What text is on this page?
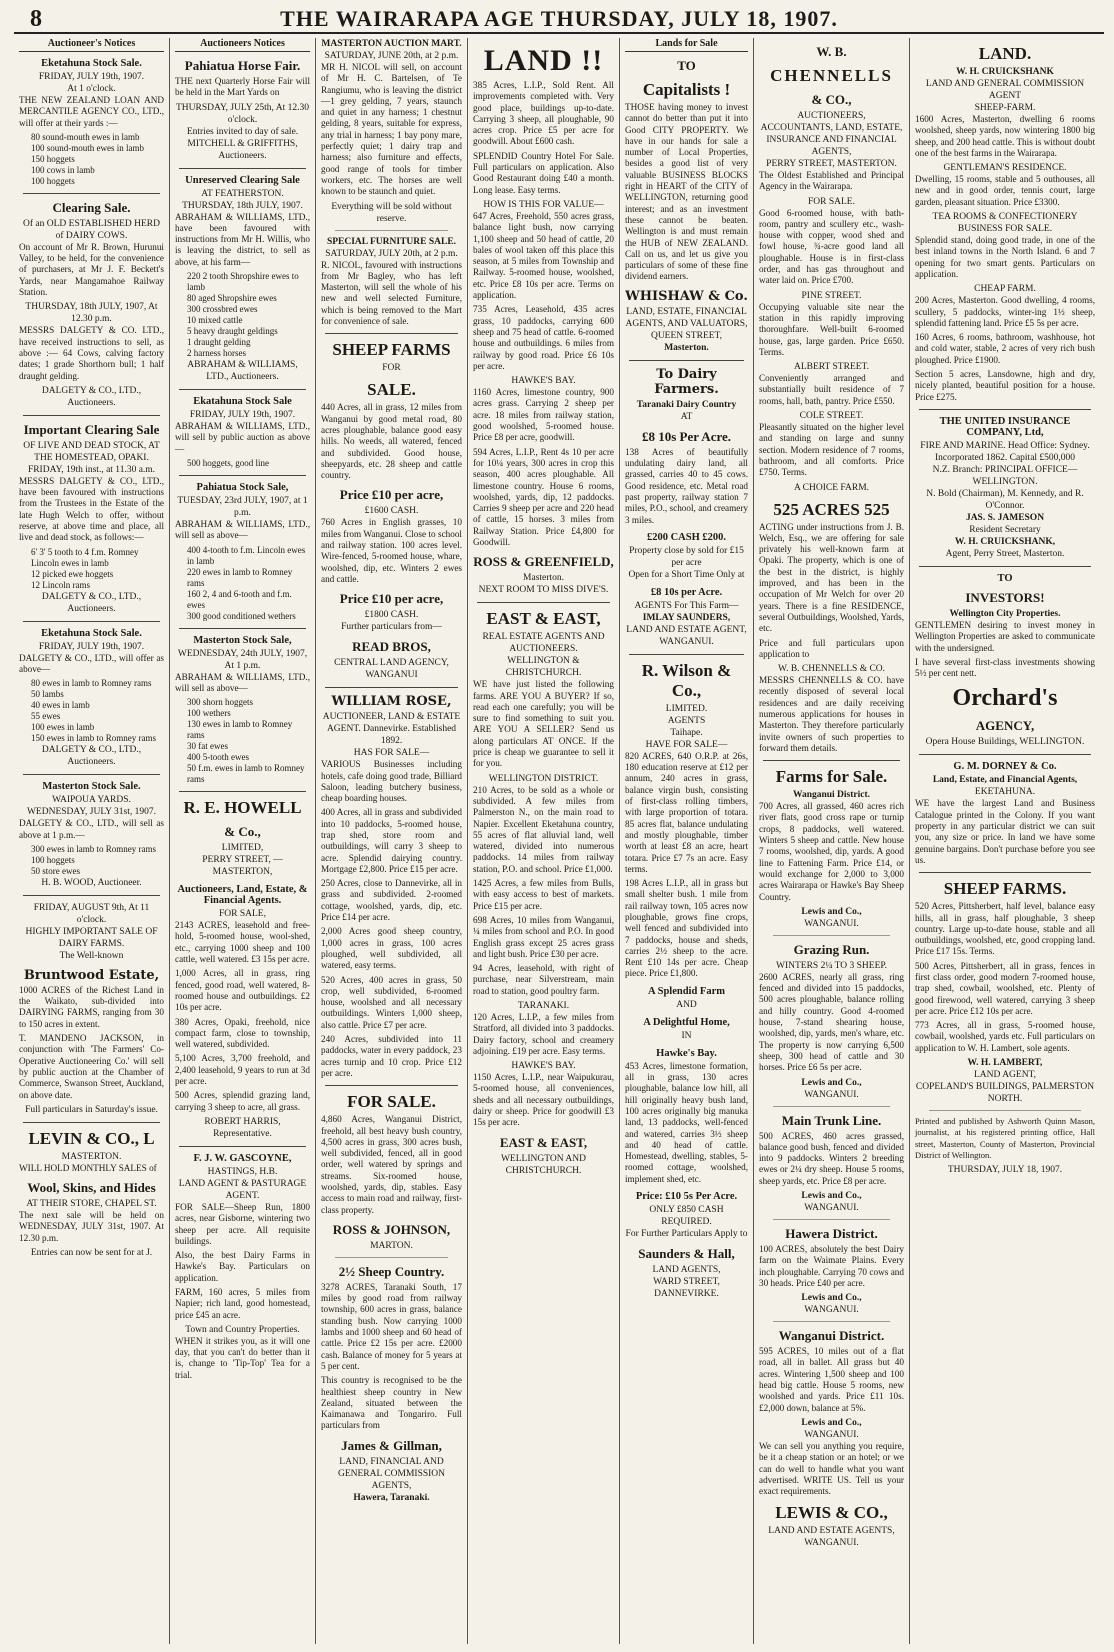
8	THE WAIRARAPA AGE THURSDAY, JULY 18, 1907.
Auctioneer's Notices
Eketahuna Stock Sale.
FRIDAY, JULY 19th, 1907.
At 1 o'clock.

THE NEW ZEALAND LOAN AND MERCANTILE AGENCY CO., LTD., will offer at their yards :—

80 sound-mouth ewes in lamb
100 sound-mouth ewes in lamb
150 hoggets
100 cows in lamb
100 hoggets
Clearing Sale.
Of an OLD ESTABLISHED HERD of DAIRY COWS.

On account of Mr R. Brown, Hurunui Valley, to be held, for the convenience of purchasers, at Mr J. F. Beckett's Yards, near Mangamahoe Railway Station.

THURSDAY, 18th JULY, 1907, At 12.30 p.m.

MESSRS DALGETY & CO. LTD., have received instructions to sell, as above :— 64 Cows, calving factory dates; 1 grade Shorthorn bull; 1 half draught gelding.

DALGETY & CO., LTD., Auctioneers.
Important Clearing Sale
OF LIVE AND DEAD STOCK, AT THE HOMESTEAD, OPAKI.
FRIDAY, 19th inst., at 11.30 a.m.

MESSRS DALGETY & CO., LTD., have been favoured with instructions from the Trustees in the Estate of the late Hugh Welch to offer, without reserve, at above time and place, all live and dead stock, as follows:—

6' 3' 5 tooth to 4 f.m. Romney Lincoln ewes in lamb
12 picked ewe hoggets
12 Lincoln rams
DALGETY & CO., LTD., Auctioneers.
Eketahuna Stock Sale.
FRIDAY, JULY 19th, 1907.

DALGETY & CO., LTD., will offer as above—

80 ewes in lamb to Romney rams
50 lambs
40 ewes in lamb
55 ewes
100 ewes in lamb
150 ewes in lamb to Romney rams
DALGETY & CO., LTD., Auctioneers.
Masterton Stock Sale.
WAIPOUA YARDS.
WEDNESDAY, JULY 31st, 1907.

DALGETY & CO., LTD., will sell as above at 1 p.m.—

300 ewes in lamb to Romney rams
100 hoggets
50 store ewes
H. B. WOOD, Auctioneer.
FRIDAY, AUGUST 9th, At 11 o'clock.
HIGHLY IMPORTANT SALE OF DAIRY FARMS.
The Well-known
Bruntwood Estate,

1000 ACRES of the Richest Land in the Waikato, sub-divided into DAIRYING FARMS, ranging from 30 to 150 acres in extent.

T. MANDENO JACKSON, in conjunction with 'The Farmers' Co-Operative Auctioneering Co.' will sell by public auction at the Chamber of Commerce, Swanson Street, Auckland, on above date.

Full particulars in Saturday's issue.
LEVIN & CO., L
MASTERTON.

WILL HOLD MONTHLY SALES of

Wool, Skins, and Hides
AT THEIR STORE, CHAPEL ST.

The next sale will be held on WEDNESDAY, JULY 31st, 1907. At 12.30 p.m.

Entries can now be sent for at J.
Auctioneers Notices
Pahiatua Horse Fair.

THE next Quarterly Horse Fair will be held in the Mart Yards on

THURSDAY, JULY 25th, At 12.30 o'clock.
Entries invited to day of sale.
MITCHELL & GRIFFITHS, Auctioneers.
Unreserved Clearing Sale
AT FEATHERSTON.
THURSDAY, 18th JULY, 1907.

ABRAHAM & WILLIAMS, LTD., have been favoured with instructions from Mr H. Willis, who is leaving the district, to sell as above, at his farm—

220 2 tooth Shropshire ewes to lamb
80 aged Shropshire ewes
300 crossbred ewes
10 mixed cattle
5 heavy draught geldings
1 draught gelding
2 harness horses
ABRAHAM & WILLIAMS, LTD., Auctioneers.
Ekatahuna Stock Sale
FRIDAY, JULY 19th, 1907.

ABRAHAM & WILLIAMS, LTD., will sell by public auction as above—

500 hoggets, good line
Pahiatua Stock Sale,
TUESDAY, 23rd JULY, 1907, at 1 p.m.

ABRAHAM & WILLIAMS, LTD., will sell as above—

400 4-tooth to f.m. Lincoln ewes in lamb
220 ewes in lamb to Romney rams
160 2, 4 and 6-tooth and f.m. ewes
300 good conditioned wethers
Masterton Stock Sale,
WEDNESDAY, 24th JULY, 1907, At 1 p.m.

ABRAHAM & WILLIAMS, LTD., will sell as above—

300 shorn hoggets
100 wethers
130 ewes in lamb to Romney rams
30 fat ewes
400 5-tooth ewes
50 f.m. ewes in lamb to Romney rams
R. E. HOWELL
& Co.,
LIMITED,
PERRY STREET, — MASTERTON,
Auctioneers, Land, Estate, & Financial Agents.
FOR SALE,

2143 ACRES, leasehold and free-hold, 5-roomed house, wool-shed, etc., carrying 1000 sheep and 100 cattle, well watered. £3 15s per acre.

1,000 Acres, all in grass, ring fenced, good road, well watered, 8-roomed house and outbuildings. £2 10s per acre.

380 Acres, Opaki, freehold, nice compact farm, close to township, well watered, subdivided.

5,100 Acres, 3,700 freehold, and 2,400 leasehold, 9 years to run at 3d per acre.

500 Acres, splendid grazing land, carrying 3 sheep to acre, all grass.

ROBERT HARRIS, Representative.
F. J. W. GASCOYNE,
HASTINGS, H.B.
LAND AGENT & PASTURAGE AGENT.

FOR SALE—Sheep Run, 1800 acres, near Gisborne, wintering two sheep per acre. All requisite buildings.

Also, the best Dairy Farms in Hawke's Bay. Particulars on application.

FARM, 160 acres, 5 miles from Napier; rich land, good homestead, price £45 an acre.

Town and Country Properties.

WHEN it strikes you, as it will one day, that you can't do better than it is, change to 'Tip-Top' Tea for a trial.

MASTERTON AUCTION MART.
SATURDAY, JUNE 20th, at 2 p.m.

MR H. NICOL will sell, on account of Mr H. C. Bartelsen, of Te Rangiumu, who is leaving the district—1 grey gelding, 7 years, staunch and quiet in any harness; 1 chestnut gelding, 8 years, suitable for express, any trial in harness; 1 bay pony mare, perfectly quiet; 1 dairy trap and harness; also furniture and effects, good range of tools for timber workers, etc. The horses are well known to be staunch and quiet.

Everything will be sold without reserve.
SPECIAL FURNITURE SALE.
SATURDAY, JULY 20th, at 2 p.m.

R. NICOL, favoured with instructions from Mr Bagley, who has left Masterton, will sell the whole of his new and well selected Furniture, which is being removed to the Mart for convenience of sale.

SHEEP FARMS
FOR
SALE.

440 Acres, all in grass, 12 miles from Wanganui by good metal road, 80 acres ploughable, balance good easy hills. No weeds, all watered, fenced and subdivided. Good house, sheepyards, etc. 28 sheep and cattle country.

Price £10 per acre,
£1600 CASH.

760 Acres in English grasses, 10 miles from Wanganui. Close to school and railway station. 100 acres level. Wire-fenced, 5-roomed house, whare, woolshed, dip, etc. Winters 2 ewes and cattle.

Price £10 per acre,
£1800 CASH.
Further particulars from—
READ BROS,
CENTRAL LAND AGENCY,
WANGANUI
WILLIAM ROSE,
AUCTIONEER, LAND & ESTATE AGENT. Dannevirke. Established 1892.
HAS FOR SALE—

VARIOUS Businesses including hotels, cafe doing good trade, Billiard Saloon, leading butchery business, cheap boarding houses.

400 Acres, all in grass and subdivided into 10 paddocks, 5-roomed house, trap shed, store room and outbuildings, will carry 3 sheep to acre. Splendid dairying country. Mortgage £2,800. Price £15 per acre.

250 Acres, close to Dannevirke, all in grass and subdivided. 2-roomed cottage, woolshed, yards, dip, etc. Price £14 per acre.

2,000 Acres good sheep country, 1,000 acres in grass, 100 acres ploughed, well subdivided, all watered, easy terms.

520 Acres, 400 acres in grass, 50 crop, well subdivided, 6-roomed house, woolshed and all necessary outbuildings. Winters 1,000 sheep, also cattle. Price £7 per acre.

240 Acres, subdivided into 11 paddocks, water in every paddock, 23 acres turnip and 10 crop. Price £12 per acre.

FOR SALE.

4,860 Acres, Wanganui District, freehold, all best heavy bush country, 4,500 acres in grass, 300 acres bush, well subdivided, fenced, all in good order, well watered by springs and streams. Six-roomed house, woolshed, yards, dip, stables. Easy access to main road and railway, first-class property.

ROSS & JOHNSON,
MARTON.
2½ Sheep Country.

3278 ACRES, Taranaki South, 17 miles by good road from railway township, 600 acres in grass, balance standing bush. Now carrying 1000 lambs and 1000 sheep and 60 head of cattle. Price £2 15s per acre. £2000 cash. Balance of money for 5 years at 5 per cent.

This country is recognised to be the healthiest sheep country in New Zealand, situated between the Kaimanawa and Tongariro. Full particulars from

James & Gillman,
LAND, FINANCIAL AND GENERAL COMMISSION AGENTS,
Hawera, Taranaki.
LAND !!

385 Acres, L.I.P., Sold Rent. All improvements completed with. Very good place, buildings up-to-date. Carrying 3 sheep, all ploughable, 90 acres crop. Price £5 per acre for goodwill. About £600 cash.

SPLENDID Country Hotel For Sale. Full particulars on application. Also Good Restaurant doing £40 a month. Long lease. Easy terms.

HOW IS THIS FOR VALUE—

647 Acres, Freehold, 550 acres grass, balance light bush, now carrying 1,100 sheep and 50 head of cattle, 20 bales of wool taken off this place this season, at 5 miles from Township and Railway. 5-roomed house, woolshed, etc. Price £8 10s per acre. Terms on application.

735 Acres, Leasehold, 435 acres grass, 10 paddocks, carrying 600 sheep and 75 head of cattle. 6-roomed house and outbuildings. 6 miles from railway by good road. Price £6 10s per acre.

HAWKE'S BAY.

1160 Acres, limestone country, 900 acres grass. Carrying 2 sheep per acre. 18 miles from railway station, good woolshed, 5-roomed house. Price £8 per acre, goodwill.

594 Acres, L.I.P., Rent 4s 10 per acre for 10¼ years, 300 acres in crop this season, 400 acres ploughable. All limestone country. House 6 rooms, woolshed, yards, dip, 12 paddocks. Carries 9 sheep per acre and 220 head of cattle, 15 horses. 3 miles from Railway Station. Price £4,800 for Goodwill.

ROSS & GREENFIELD,
Masterton.
NEXT ROOM TO MISS DIVE'S.
EAST & EAST,
REAL ESTATE AGENTS AND AUCTIONEERS.
WELLINGTON & CHRISTCHURCH.

WE have just listed the following farms. ARE YOU A BUYER? If so, read each one carefully; you will be sure to find something to suit you. ARE YOU A SELLER? Send us along particulars AT ONCE. If the price is cheap we guarantee to sell it for you.

WELLINGTON DISTRICT.

210 Acres, to be sold as a whole or subdivided. A few miles from Palmerston N., on the main road to Napier. Excellent Eketahuna country, 55 acres of flat alluvial land, well watered, divided into numerous paddocks. 14 miles from railway station, P.O. and school. Price £1,000.

1425 Acres, a few miles from Bulls, with easy access to best of markets. Price £15 per acre.

698 Acres, 10 miles from Wanganui, ¼ miles from school and P.O. In good English grass except 25 acres grass and light bush. Price £30 per acre.

94 Acres, leasehold, with right of purchase, near Silverstream, main road to station, good poultry farm.

TARANAKI.

120 Acres, L.I.P., a few miles from Stratford, all divided into 3 paddocks. Dairy factory, school and creamery adjoining. £19 per acre. Easy terms.

HAWKE'S BAY.

1150 Acres, L.I.P., near Waipukurau, 5-roomed house, all conveniences, sheds and all necessary outbuildings, dairy or sheep. Price for goodwill £3 15s per acre.

EAST & EAST,
WELLINGTON AND CHRISTCHURCH.
Lands for Sale
TO
Capitalists !

THOSE having money to invest cannot do better than put it into Good CITY PROPERTY. We have in our hands for sale a number of Local Properties, besides a good list of very valuable BUSINESS BLOCKS right in HEART of the CITY of WELLINGTON, returning good interest; and as an investment these cannot be beaten. Wellington is and must remain the HUB of NEW ZEALAND. Call on us, and let us give you particulars of some of these fine dividend earners.

WHISHAW & Co.
LAND, ESTATE, FINANCIAL AGENTS, AND VALUATORS,
QUEEN STREET,
Masterton.
To Dairy Farmers.
Taranaki Dairy Country
AT
£8 10s Per Acre.

138 Acres of beautifully undulating dairy land, all grassed, carries 40 to 45 cows. Good residence, etc. Metal road past property, railway station 7 miles, P.O., school, and creamery 3 miles.

£200 CASH £200.
Property close by sold for £15 per acre
Open for a Short Time Only at
£8 10s per Acre.
AGENTS For This Farm—
IMLAY SAUNDERS,
LAND AND ESTATE AGENT,
WANGANUI.
R. Wilson & Co.,
LIMITED.
AGENTS
Taihape.
HAVE FOR SALE—

820 ACRES, 640 O.R.P. at 26s, 180 education reserve at £12 per annum, 240 acres in grass, balance virgin bush, consisting of first-class rolling timbers, with large proportion of totara. 85 acres flat, balance undulating and mostly ploughable, timber worth at least £8 an acre, heart totara. Price £7 7s an acre. Easy terms.

198 Acres L.I.P., all in grass but small shelter bush. 1 mile from rail railway town, 105 acres now ploughable, grows fine crops, well fenced and subdivided into 7 paddocks, house and sheds, carries 2½ sheep to the acre. Rent £10 14s per acre. Cheap piece. Price £1,800.

A Splendid Farm
AND
A Delightful Home,
IN
Hawke's Bay.

453 Acres, limestone formation, all in grass, 130 acres ploughable, balance low hill, all hill originally heavy bush land, 100 acres originally big manuka land, 13 paddocks, well-fenced and watered, carries 3½ sheep and 40 head of cattle. Homestead, dwelling, stables, 5-roomed cottage, woolshed, implement shed, etc.

Price: £10 5s Per Acre.
ONLY £850 CASH REQUIRED.
For Further Particulars Apply to
Saunders & Hall,
LAND AGENTS,
WARD STREET, DANNEVIRKE.
W. B.
CHENNELLS
& CO.,
AUCTIONEERS,
ACCOUNTANTS, LAND, ESTATE, INSURANCE AND FINANCIAL AGENTS,
PERRY STREET, MASTERTON.

The Oldest Established and Principal Agency in the Wairarapa.

FOR SALE.

Good 6-roomed house, with bath-room, pantry and scullery etc., wash-house with copper, wood shed and fowl house, ¾-acre good land all ploughable. House is in first-class order, and has gas throughout and water laid on. Price £700.

PINE STREET.

Occupying valuable site near the station in this rapidly improving thoroughfare. Well-built 6-roomed house, gas, large garden. Price £650. Terms.

ALBERT STREET.

Conveniently arranged and substantially built residence of 7 rooms, hall, bath, pantry. Price £550.

COLE STREET.

Pleasantly situated on the higher level and standing on large and sunny section. Modern residence of 7 rooms, bathroom, and all comforts. Price £750. Terms.

A CHOICE FARM.
525 ACRES 525

ACTING under instructions from J. B. Welch, Esq., we are offering for sale privately his well-known farm at Opaki. The property, which is one of the best in the district, is highly improved, and has been in the occupation of Mr Welch for over 20 years. There is a fine RESIDENCE, several Outbuildings, Woolshed, Yards, etc.

Price and full particulars upon application to

W. B. CHENNELLS & CO.

MESSRS CHENNELLS & CO. have recently disposed of several local residences and are daily receiving numerous applications for houses in Masterton. They therefore particularly invite owners of such properties to forward them details.

Farms for Sale.
Wanganui District.

700 Acres, all grassed, 460 acres rich river flats, good cross rape or turnip crops, 8 paddocks, well watered. Winters 5 sheep and cattle. New house 7 rooms, woolshed, dip, yards. A good line to Fattening Farm. Price £14, or would exchange for 2,000 to 3,000 acres Wairarapa or Hawke's Bay Sheep Country.

Lewis and Co.,
WANGANUI.
Grazing Run.
WINTERS 2¼ TO 3 SHEEP.

2600 ACRES, nearly all grass, ring fenced and divided into 15 paddocks, 500 acres ploughable, balance rolling and hilly country. Good 4-roomed house, 7-stand shearing house, woolshed, dip, yards, men's whare, etc. The property is now carrying 6,500 sheep, 300 head of cattle and 30 horses. Price £6 5s per acre.

Lewis and Co.,
WANGANUI.
Main Trunk Line.

500 ACRES, 460 acres grassed, balance good bush, fenced and divided into 9 paddocks. Winters 2 breeding ewes or 2¼ dry sheep. House 5 rooms, sheep yards, etc. Price £8 per acre.

Lewis and Co.,
WANGANUI.
Hawera District.

100 ACRES, absolutely the best Dairy farm on the Waimate Plains. Every inch ploughable. Carrying 70 cows and 30 heads. Price £40 per acre.

Lewis and Co.,
WANGANUI.
Wanganui District.

595 ACRES, 10 miles out of a flat road, all in ballet. All grass but 40 acres. Wintering 1,500 sheep and 100 head big cattle. House 5 rooms, new woolshed and yards. Price £11 10s. £2,000 down, balance at 5%.

Lewis and Co.,
WANGANUI.

We can sell you anything you require, be it a cheap station or an hotel; or we can do well to handle what you want advertised. WRITE US. Tell us your exact requirements.

LEWIS & CO.,
LAND AND ESTATE AGENTS,
WANGANUI.
LAND.
W. H. CRUICKSHANK
LAND AND GENERAL COMMISSION AGENT
SHEEP-FARM.

1600 Acres, Masterton, dwelling 6 rooms woolshed, sheep yards, now wintering 1800 big sheep, and 200 head cattle. This is without doubt one of the best farms in the Wairarapa.

GENTLEMAN'S RESIDENCE.

Dwelling, 15 rooms, stable and 5 outhouses, all new and in good order, tennis court, large garden, pleasant situation. Price £3300.

TEA ROOMS & CONFECTIONERY BUSINESS FOR SALE.

Splendid stand, doing good trade, in one of the best inland towns in the North Island. 6 and 7 opening for two smart gents. Particulars on application.

CHEAP FARM.

200 Acres, Masterton. Good dwelling, 4 rooms, scullery, 5 paddocks, winter-ing 1½ sheep, splendid fattening land. Price £5 5s per acre.

160 Acres, 6 rooms, bathroom, washhouse, hot and cold water, stable, 2 acres of very rich bush ploughed. Price £1900.

Section 5 acres, Lansdowne, high and dry, nicely planted, beautiful position for a house. Price £275.

THE UNITED INSURANCE COMPANY, Ltd,
FIRE AND MARINE. Head Office: Sydney.
Incorporated 1862. Capital £500,000
N.Z. Branch: PRINCIPAL OFFICE—WELLINGTON.
N. Bold (Chairman), M. Kennedy, and R. O'Connor.
JAS. S. JAMESON
Resident Secretary
W. H. CRUICKSHANK,
Agent, Perry Street, Masterton.
TO
INVESTORS!
Wellington City Properties.

GENTLEMEN desiring to invest money in Wellington Properties are asked to communicate with the undersigned.

I have several first-class investments showing 5½ per cent nett.

Orchard's
AGENCY,
Opera House Buildings, WELLINGTON.
G. M. DORNEY & Co.
Land, Estate, and Financial Agents,
EKETAHUNA.

WE have the largest Land and Business Catalogue printed in the Colony. If you want property in any particular district we can suit you, any size or price. In land we have some genuine bargains. Don't purchase before you see us.

SHEEP FARMS.

520 Acres, Pittsherbert, half level, balance easy hills, all in grass, half ploughable, 3 sheep country. Large up-to-date house, stable and all outbuildings, woolshed, etc, good cropping land. Price £17 15s. Terms.

500 Acres, Pittsherbert, all in grass, fences in first class order, good modern 7-roomed house, trap shed, cowbail, woolshed, etc. Plenty of good firewood, well watered, carrying 3 sheep per acre. Price £12 10s per acre.

773 Acres, all in grass, 5-roomed house, cowbail, woolshed, yards etc. Full particulars on application to W. H. Lambert, sole agents.

W. H. LAMBERT,
LAND AGENT,
COPELAND'S BUILDINGS, PALMERSTON NORTH.

Printed and published by Ashworth Quinn Mason, journalist, at his registered printing office, Hall street, Masterton, County of Masterton, Provincial District of Wellington.

THURSDAY, JULY 18, 1907.
